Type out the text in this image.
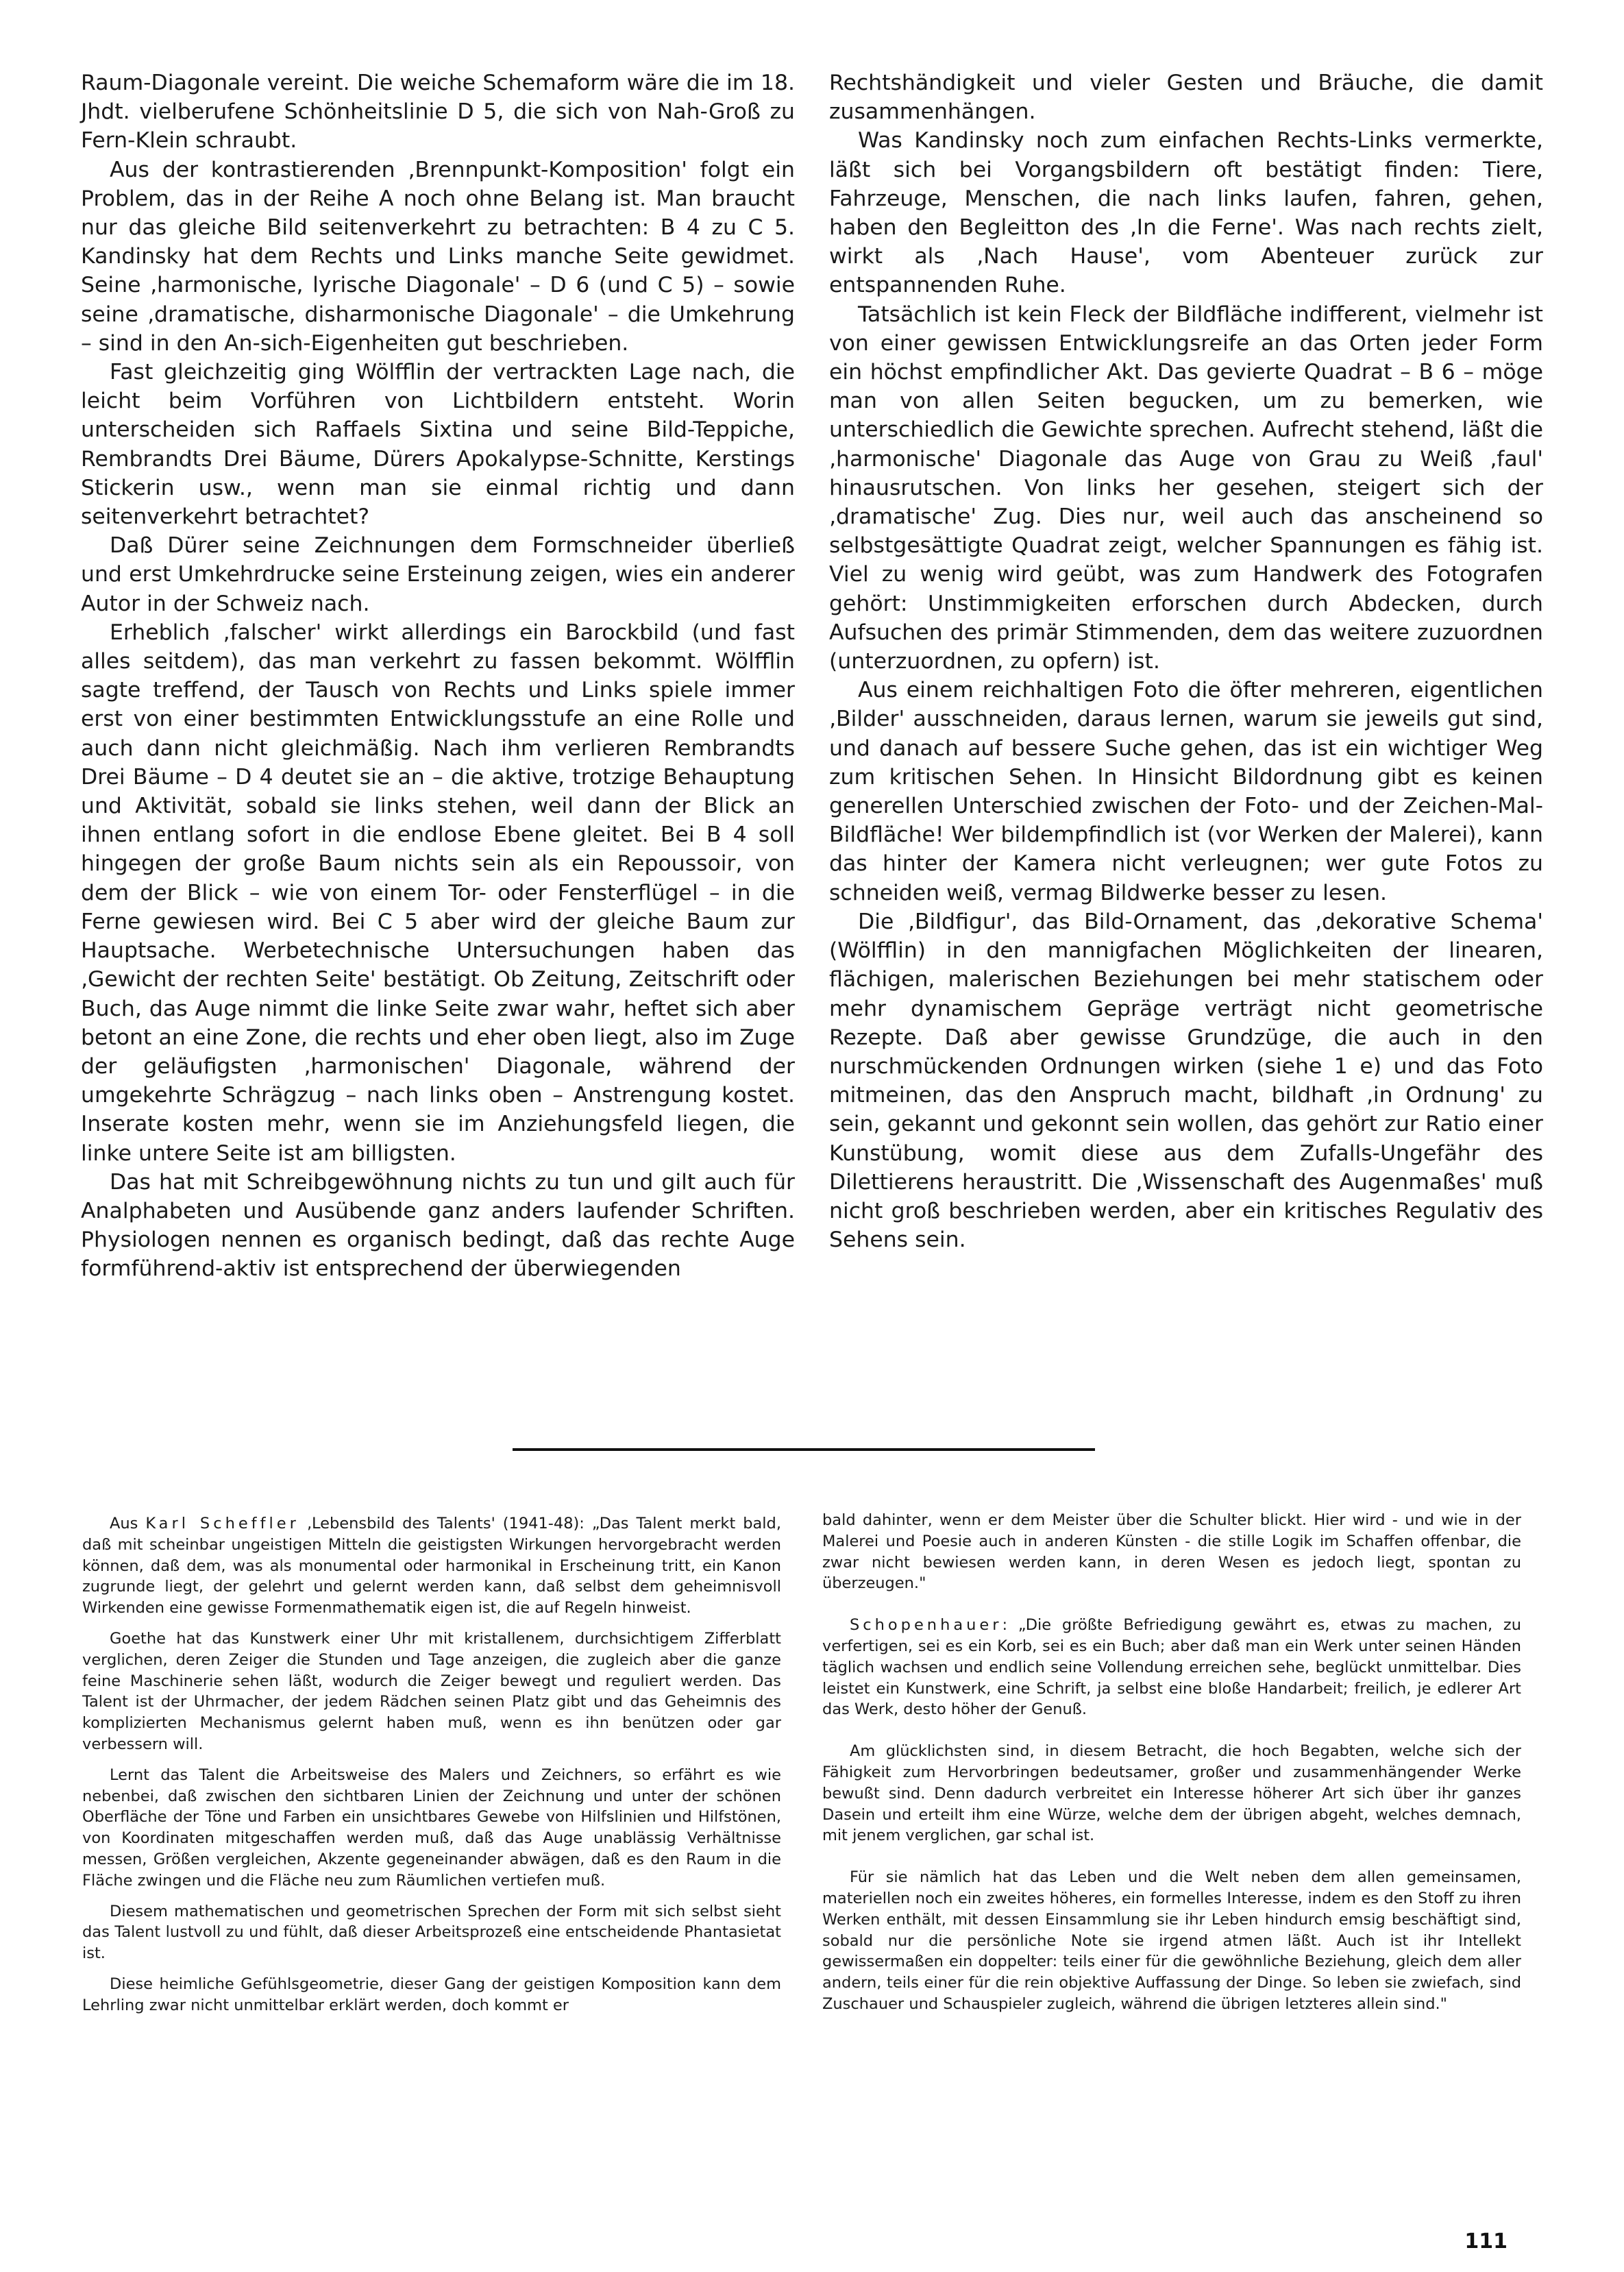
Raum-Diagonale vereint. Die weiche Schemaform wäre die im 18. Jhdt. vielberufene Schönheitslinie D 5, die sich von Nah-Groß zu Fern-Klein schraubt.

Aus der kontrastierenden ‚Brennpunkt-Komposition' folgt ein Problem, das in der Reihe A noch ohne Belang ist. Man braucht nur das gleiche Bild seitenverkehrt zu betrachten: B 4 zu C 5. Kandinsky hat dem Rechts und Links manche Seite gewidmet. Seine ‚harmonische, lyrische Diagonale' – D 6 (und C 5) – sowie seine ‚dramatische, disharmonische Diagonale' – die Umkehrung – sind in den An-sich-Eigenheiten gut beschrieben.

Fast gleichzeitig ging Wölfflin der vertrackten Lage nach, die leicht beim Vorführen von Lichtbildern entsteht. Worin unterscheiden sich Raffaels Sixtina und seine Bild-Teppiche, Rembrandts Drei Bäume, Dürers Apokalypse-Schnitte, Kerstings Stickerin usw., wenn man sie einmal richtig und dann seitenverkehrt betrachtet?

Daß Dürer seine Zeichnungen dem Formschneider überließ und erst Umkehrdrucke seine Ersteinung zeigen, wies ein anderer Autor in der Schweiz nach.

Erheblich ‚falscher' wirkt allerdings ein Barockbild (und fast alles seitdem), das man verkehrt zu fassen bekommt. Wölfflin sagte treffend, der Tausch von Rechts und Links spiele immer erst von einer bestimmten Entwicklungsstufe an eine Rolle und auch dann nicht gleichmäßig. Nach ihm verlieren Rembrandts Drei Bäume – D 4 deutet sie an – die aktive, trotzige Behauptung und Aktivität, sobald sie links stehen, weil dann der Blick an ihnen entlang sofort in die endlose Ebene gleitet. Bei B 4 soll hingegen der große Baum nichts sein als ein Repoussoir, von dem der Blick – wie von einem Tor- oder Fensterflügel – in die Ferne gewiesen wird. Bei C 5 aber wird der gleiche Baum zur Hauptsache. Werbetechnische Untersuchungen haben das ‚Gewicht der rechten Seite' bestätigt. Ob Zeitung, Zeitschrift oder Buch, das Auge nimmt die linke Seite zwar wahr, heftet sich aber betont an eine Zone, die rechts und eher oben liegt, also im Zuge der geläufigsten ‚harmonischen' Diagonale, während der umgekehrte Schrägzug – nach links oben – Anstrengung kostet. Inserate kosten mehr, wenn sie im Anziehungsfeld liegen, die linke untere Seite ist am billigsten.

Das hat mit Schreibgewöhnung nichts zu tun und gilt auch für Analphabeten und Ausübende ganz anders laufender Schriften. Physiologen nennen es organisch bedingt, daß das rechte Auge formführend-aktiv ist entsprechend der überwiegenden

Rechtshändigkeit und vieler Gesten und Bräuche, die damit zusammenhängen.

Was Kandinsky noch zum einfachen Rechts-Links vermerkte, läßt sich bei Vorgangsbildern oft bestätigt finden: Tiere, Fahrzeuge, Menschen, die nach links laufen, fahren, gehen, haben den Begleitton des ‚In die Ferne'. Was nach rechts zielt, wirkt als ‚Nach Hause', vom Abenteuer zurück zur entspannenden Ruhe.

Tatsächlich ist kein Fleck der Bildfläche indifferent, vielmehr ist von einer gewissen Entwicklungsreife an das Orten jeder Form ein höchst empfindlicher Akt. Das gevierte Quadrat – B 6 – möge man von allen Seiten begucken, um zu bemerken, wie unterschiedlich die Gewichte sprechen. Aufrecht stehend, läßt die ‚harmonische' Diagonale das Auge von Grau zu Weiß ‚faul' hinausrutschen. Von links her gesehen, steigert sich der ‚dramatische' Zug. Dies nur, weil auch das anscheinend so selbstgesättigte Quadrat zeigt, welcher Spannungen es fähig ist. Viel zu wenig wird geübt, was zum Handwerk des Fotografen gehört: Unstimmigkeiten erforschen durch Abdecken, durch Aufsuchen des primär Stimmenden, dem das weitere zuzuordnen (unterzuordnen, zu opfern) ist.

Aus einem reichhaltigen Foto die öfter mehreren, eigentlichen ‚Bilder' ausschneiden, daraus lernen, warum sie jeweils gut sind, und danach auf bessere Suche gehen, das ist ein wichtiger Weg zum kritischen Sehen. In Hinsicht Bildordnung gibt es keinen generellen Unterschied zwischen der Foto- und der Zeichen-Mal-Bildfläche! Wer bildempfindlich ist (vor Werken der Malerei), kann das hinter der Kamera nicht verleugnen; wer gute Fotos zu schneiden weiß, vermag Bildwerke besser zu lesen.

Die ‚Bildfigur', das Bild-Ornament, das ‚dekorative Schema' (Wölfflin) in den mannigfachen Möglichkeiten der linearen, flächigen, malerischen Beziehungen bei mehr statischem oder mehr dynamischem Gepräge verträgt nicht geometrische Rezepte. Daß aber gewisse Grundzüge, die auch in den nurschmückenden Ordnungen wirken (siehe 1 e) und das Foto mitmeinen, das den Anspruch macht, bildhaft ‚in Ordnung' zu sein, gekannt und gekonnt sein wollen, das gehört zur Ratio einer Kunstübung, womit diese aus dem Zufalls-Ungefähr des Dilettierens heraustritt. Die ‚Wissenschaft des Augenmaßes' muß nicht groß beschrieben werden, aber ein kritisches Regulativ des Sehens sein.

Aus Karl Scheffler ‚Lebensbild des Talents' (1941-48): „Das Talent merkt bald, daß mit scheinbar ungeistigen Mitteln die geistigsten Wirkungen hervorgebracht werden können, daß dem, was als monumental oder harmonikal in Erscheinung tritt, ein Kanon zugrunde liegt, der gelehrt und gelernt werden kann, daß selbst dem geheimnisvoll Wirkenden eine gewisse Formenmathematik eigen ist, die auf Regeln hinweist.

Goethe hat das Kunstwerk einer Uhr mit kristallenem, durchsichtigem Zifferblatt verglichen, deren Zeiger die Stunden und Tage anzeigen, die zugleich aber die ganze feine Maschinerie sehen läßt, wodurch die Zeiger bewegt und reguliert werden. Das Talent ist der Uhrmacher, der jedem Rädchen seinen Platz gibt und das Geheimnis des komplizierten Mechanismus gelernt haben muß, wenn es ihn benützen oder gar verbessern will.

Lernt das Talent die Arbeitsweise des Malers und Zeichners, so erfährt es wie nebenbei, daß zwischen den sichtbaren Linien der Zeichnung und unter der schönen Oberfläche der Töne und Farben ein unsichtbares Gewebe von Hilfslinien und Hilfstönen, von Koordinaten mitgeschaffen werden muß, daß das Auge unablässig Verhältnisse messen, Größen vergleichen, Akzente gegeneinander abwägen, daß es den Raum in die Fläche zwingen und die Fläche neu zum Räumlichen vertiefen muß.

Diesem mathematischen und geometrischen Sprechen der Form mit sich selbst sieht das Talent lustvoll zu und fühlt, daß dieser Arbeitsprozeß eine entscheidende Phantasietat ist.

Diese heimliche Gefühlsgeometrie, dieser Gang der geistigen Komposition kann dem Lehrling zwar nicht unmittelbar erklärt werden, doch kommt er

bald dahinter, wenn er dem Meister über die Schulter blickt. Hier wird - und wie in der Malerei und Poesie auch in anderen Künsten - die stille Logik im Schaffen offenbar, die zwar nicht bewiesen werden kann, in deren Wesen es jedoch liegt, spontan zu überzeugen."

Schopenhauer: „Die größte Befriedigung gewährt es, etwas zu machen, zu verfertigen, sei es ein Korb, sei es ein Buch; aber daß man ein Werk unter seinen Händen täglich wachsen und endlich seine Vollendung erreichen sehe, beglückt unmittelbar. Dies leistet ein Kunstwerk, eine Schrift, ja selbst eine bloße Handarbeit; freilich, je edlerer Art das Werk, desto höher der Genuß.

Am glücklichsten sind, in diesem Betracht, die hoch Begabten, welche sich der Fähigkeit zum Hervorbringen bedeutsamer, großer und zusammenhängender Werke bewußt sind. Denn dadurch verbreitet ein Interesse höherer Art sich über ihr ganzes Dasein und erteilt ihm eine Würze, welche dem der übrigen abgeht, welches demnach, mit jenem verglichen, gar schal ist.

Für sie nämlich hat das Leben und die Welt neben dem allen gemeinsamen, materiellen noch ein zweites höheres, ein formelles Interesse, indem es den Stoff zu ihren Werken enthält, mit dessen Einsammlung sie ihr Leben hindurch emsig beschäftigt sind, sobald nur die persönliche Note sie irgend atmen läßt. Auch ist ihr Intellekt gewissermaßen ein doppelter: teils einer für die gewöhnliche Beziehung, gleich dem aller andern, teils einer für die rein objektive Auffassung der Dinge. So leben sie zwiefach, sind Zuschauer und Schauspieler zugleich, während die übrigen letzteres allein sind."

111
